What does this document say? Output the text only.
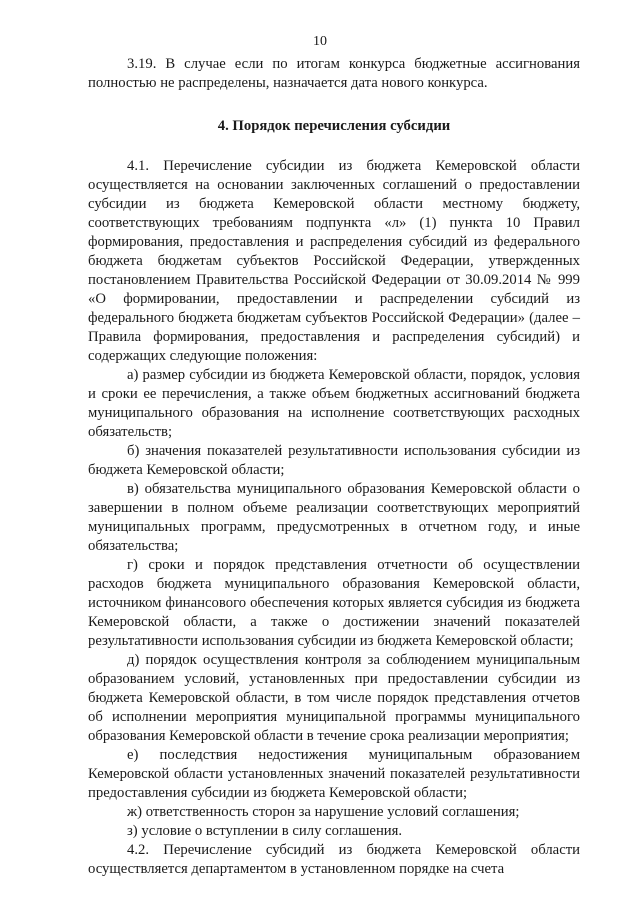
10

3.19. В случае если по итогам конкурса бюджетные ассигнования полностью не распределены, назначается дата нового конкурса.

4. Порядок перечисления субсидии

4.1. Перечисление субсидии из бюджета Кемеровской области осуществляется на основании заключенных соглашений о предоставлении субсидии из бюджета Кемеровской области местному бюджету, соответствующих требованиям подпункта «л» (1) пункта 10 Правил формирования, предоставления и распределения субсидий из федерального бюджета бюджетам субъектов Российской Федерации, утвержденных постановлением Правительства Российской Федерации от 30.09.2014 № 999 «О формировании, предоставлении и распределении субсидий из федерального бюджета бюджетам субъектов Российской Федерации» (далее – Правила формирования, предоставления и распределения субсидий) и содержащих следующие положения:

а) размер субсидии из бюджета Кемеровской области, порядок, условия и сроки ее перечисления, а также объем бюджетных ассигнований бюджета муниципального образования на исполнение соответствующих расходных обязательств;

б) значения показателей результативности использования субсидии из бюджета Кемеровской области;

в) обязательства муниципального образования Кемеровской области о завершении в полном объеме реализации соответствующих мероприятий муниципальных программ, предусмотренных в отчетном году, и иные обязательства;

г) сроки и порядок представления отчетности об осуществлении расходов бюджета муниципального образования Кемеровской области, источником финансового обеспечения которых является субсидия из бюджета Кемеровской области, а также о достижении значений показателей результативности использования субсидии из бюджета Кемеровской области;

д) порядок осуществления контроля за соблюдением муниципальным образованием условий, установленных при предоставлении субсидии из бюджета Кемеровской области, в том числе порядок представления отчетов об исполнении мероприятия муниципальной программы муниципального образования Кемеровской области в течение срока реализации мероприятия;

е) последствия недостижения муниципальным образованием Кемеровской области установленных значений показателей результативности предоставления субсидии из бюджета Кемеровской области;

ж) ответственность сторон за нарушение условий соглашения;

з) условие о вступлении в силу соглашения.

4.2. Перечисление субсидий из бюджета Кемеровской области осуществляется департаментом в установленном порядке на счета
